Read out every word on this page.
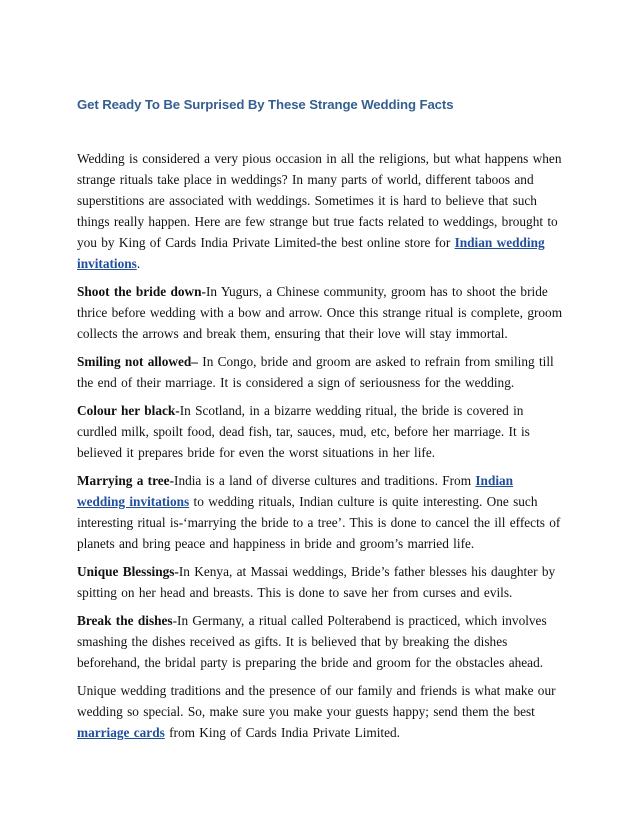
Get Ready To Be Surprised By These Strange Wedding Facts

Wedding is considered a very pious occasion in all the religions, but what happens when strange rituals take place in weddings? In many parts of world, different taboos and superstitions are associated with weddings. Sometimes it is hard to believe that such things really happen. Here are few strange but true facts related to weddings, brought to you by King of Cards India Private Limited-the best online store for Indian wedding invitations.

Shoot the bride down-In Yugurs, a Chinese community, groom has to shoot the bride thrice before wedding with a bow and arrow. Once this strange ritual is complete, groom collects the arrows and break them, ensuring that their love will stay immortal.

Smiling not allowed– In Congo, bride and groom are asked to refrain from smiling till the end of their marriage. It is considered a sign of seriousness for the wedding.

Colour her black-In Scotland, in a bizarre wedding ritual, the bride is covered in curdled milk, spoilt food, dead fish, tar, sauces, mud, etc, before her marriage. It is believed it prepares bride for even the worst situations in her life.

Marrying a tree-India is a land of diverse cultures and traditions. From Indian wedding invitations to wedding rituals, Indian culture is quite interesting. One such interesting ritual is-‘marrying the bride to a tree’. This is done to cancel the ill effects of planets and bring peace and happiness in bride and groom’s married life.

Unique Blessings-In Kenya, at Massai weddings, Bride’s father blesses his daughter by spitting on her head and breasts. This is done to save her from curses and evils.

Break the dishes-In Germany, a ritual called Polterabend is practiced, which involves smashing the dishes received as gifts. It is believed that by breaking the dishes beforehand, the bridal party is preparing the bride and groom for the obstacles ahead.

Unique wedding traditions and the presence of our family and friends is what make our wedding so special. So, make sure you make your guests happy; send them the best marriage cards from King of Cards India Private Limited.
